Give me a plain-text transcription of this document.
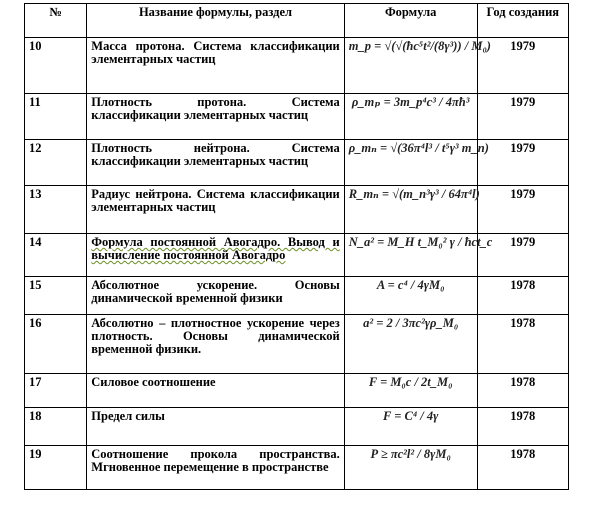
№	Название формулы, раздел	Формула	Год создания
10	Масса протона. Система классификации элементарных частиц	m_p = √(√(ħc⁵t²/(8γ³)) / M₀)	1979
11	Плотность протона. Система классификации элементарных частиц	ρ_mₚ = 3m_p⁴c³ / 4πħ³	1979
12	Плотность нейтрона. Система классификации элементарных частиц	ρ_mₙ = √(36π⁴l³ / t⁵γ³ m_n)	1979
13	Радиус нейтрона. Система классификации элементарных частиц	R_mₙ = √(m_n³γ³ / 64π⁴l)	1979
14	Формула постоянной Авогадро. Вывод и вычисление постоянной Авогадро	N_a² = M_H t_M₀² γ / ħct_c	1979
15	Абсолютное ускорение. Основы динамической временной физики	A = c⁴ / 4γM₀	1978
16	Абсолютно – плотностное ускорение через плотность. Основы динамической временной физики.	a² = 2 / 3πc²γρ_M₀	1978
17	Силовое соотношение	F = M₀c / 2t_M₀	1978
18	Предел силы	F = C⁴ / 4γ	1978
19	Соотношение прокола пространства. Мгновенное перемещение в пространстве	P ≥ πc²l² / 8γM₀	1978
